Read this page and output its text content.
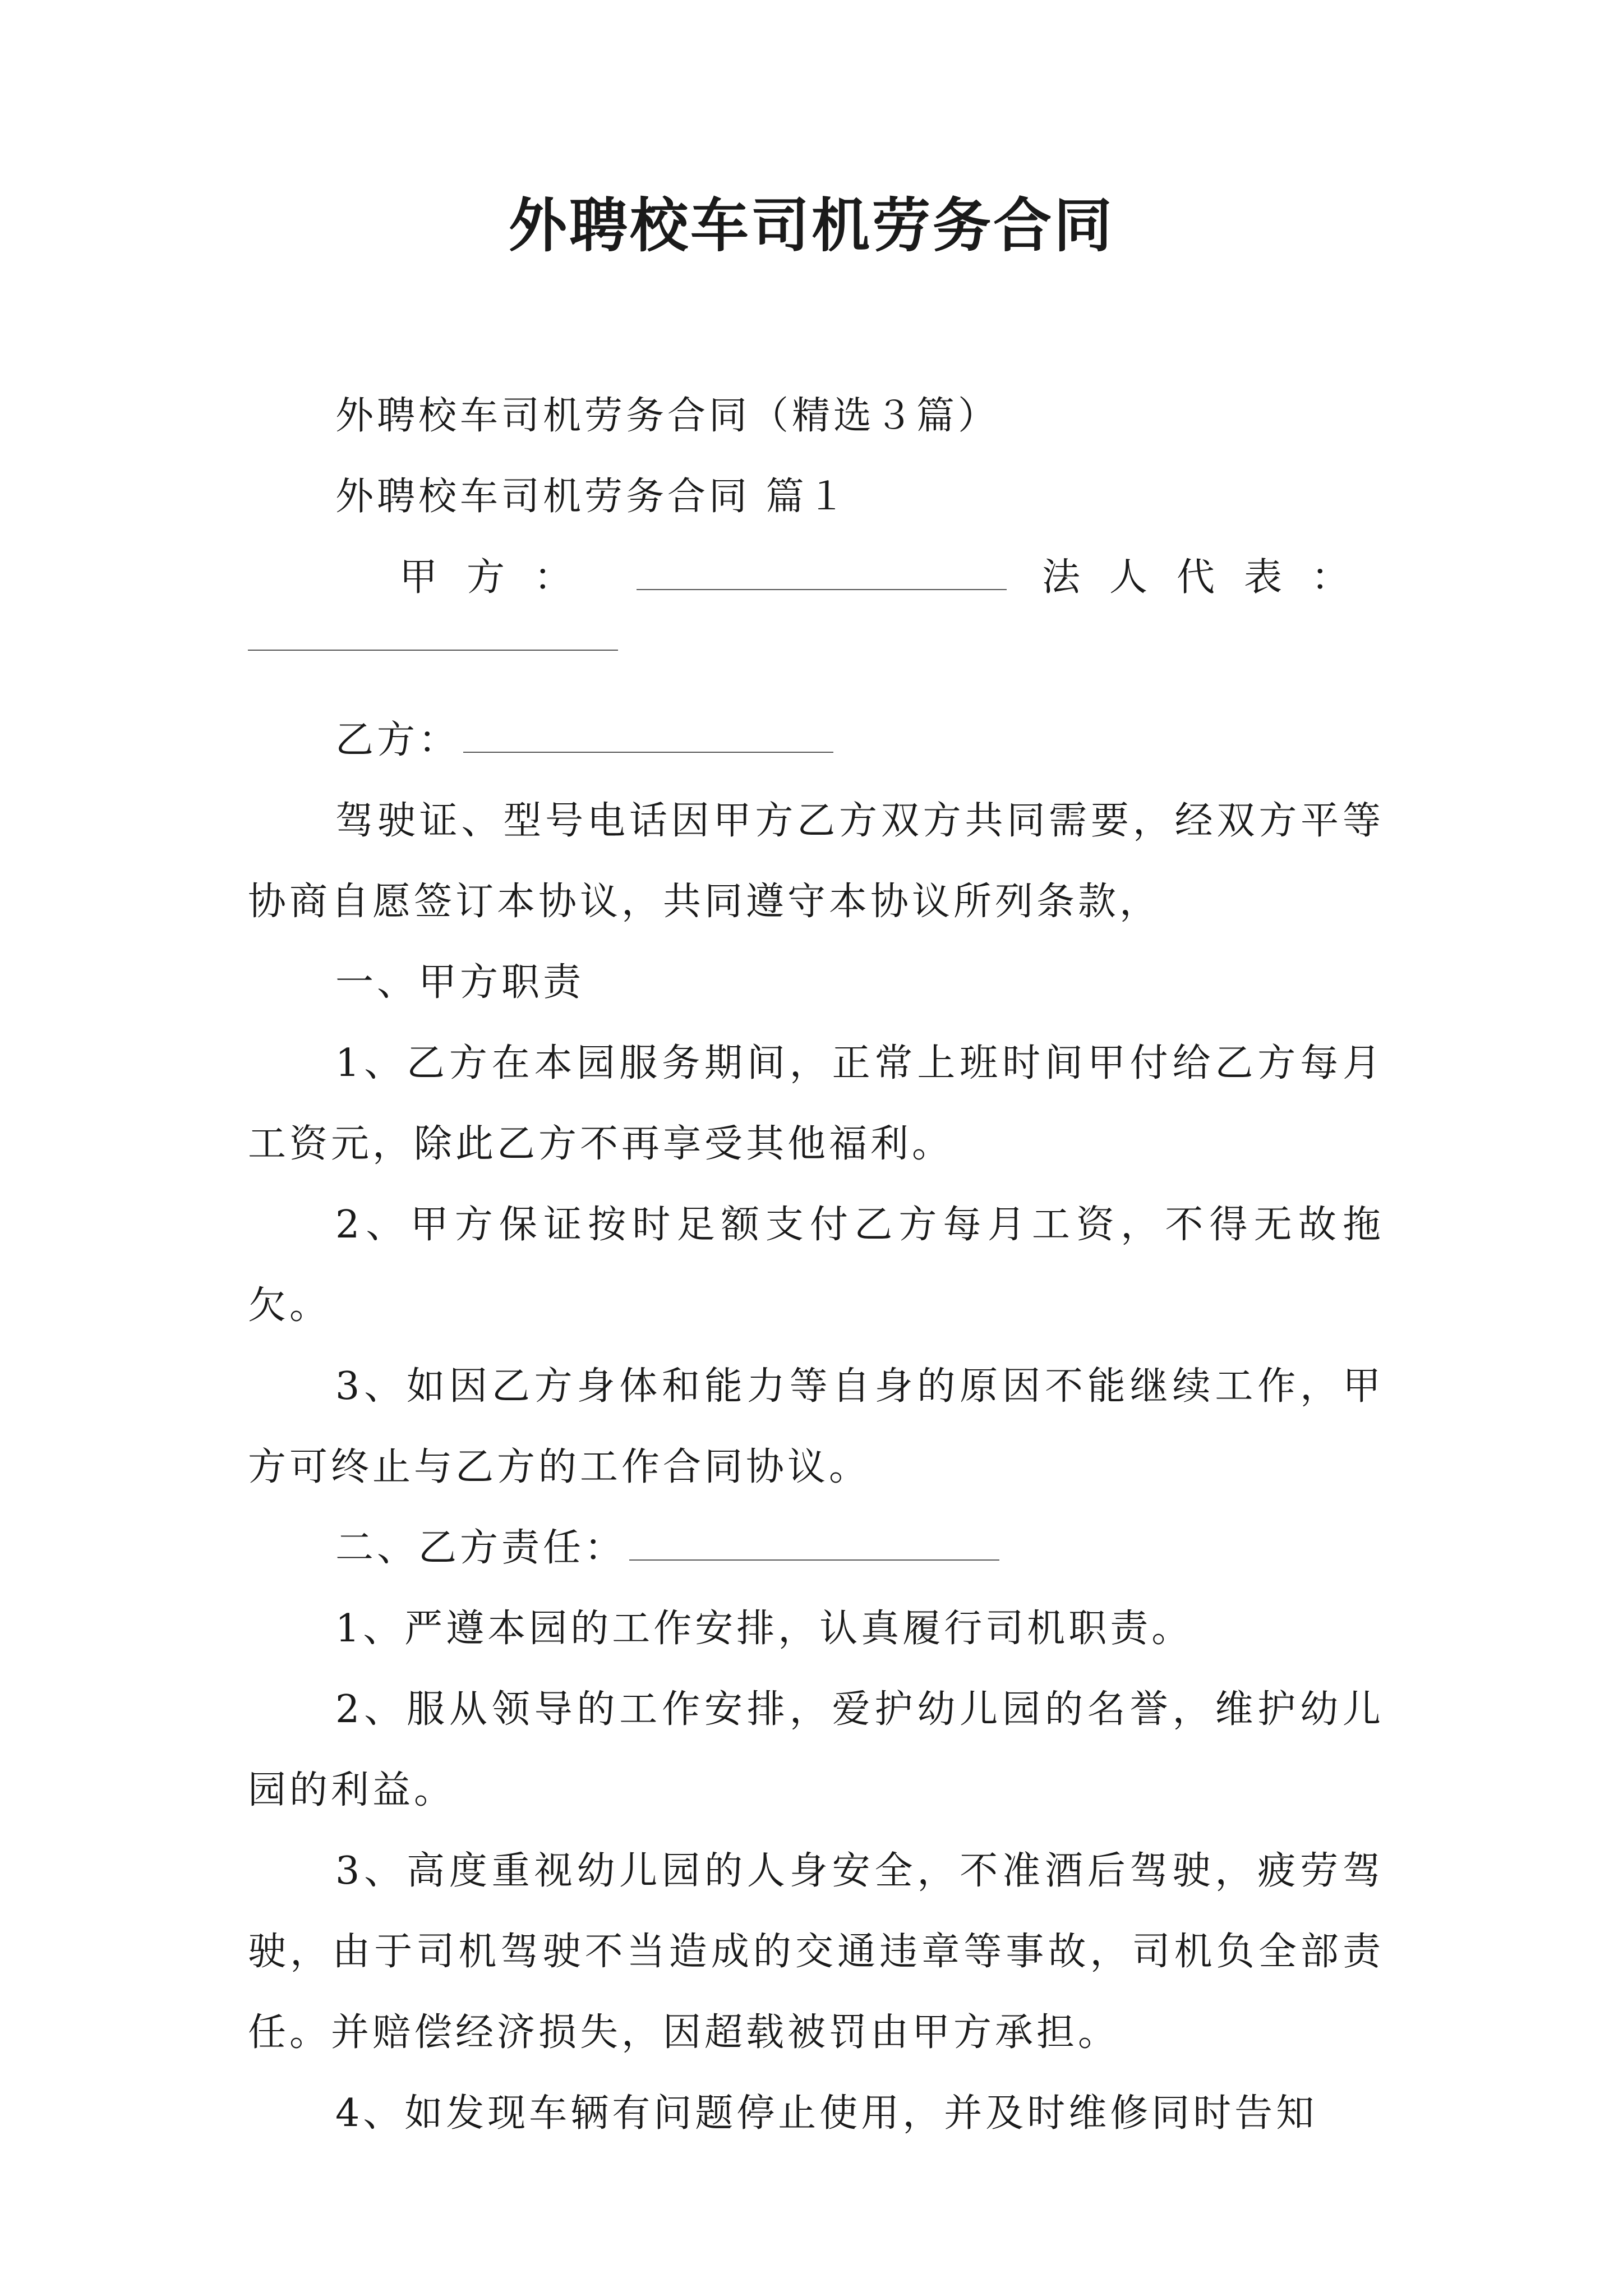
外聘校车司机劳务合同

外聘校车司机劳务合同（精选３篇）

外聘校车司机劳务合同 篇１

甲方：	法人代表：
乙方：

驾驶证、型号电话因甲方乙方双方共同需要，经双方平等协商自愿签订本协议，共同遵守本协议所列条款，

一、甲方职责

1、乙方在本园服务期间，正常上班时间甲付给乙方每月工资元，除此乙方不再享受其他福利。

2、甲方保证按时足额支付乙方每月工资，不得无故拖欠。

3、如因乙方身体和能力等自身的原因不能继续工作，甲方可终止与乙方的工作合同协议。

二、乙方责任：

1、严遵本园的工作安排，认真履行司机职责。

2、服从领导的工作安排，爱护幼儿园的名誉，维护幼儿园的利益。

3、高度重视幼儿园的人身安全，不准酒后驾驶，疲劳驾驶，由于司机驾驶不当造成的交通违章等事故，司机负全部责任。并赔偿经济损失，因超载被罚由甲方承担。

4、如发现车辆有问题停止使用，并及时维修同时告知
